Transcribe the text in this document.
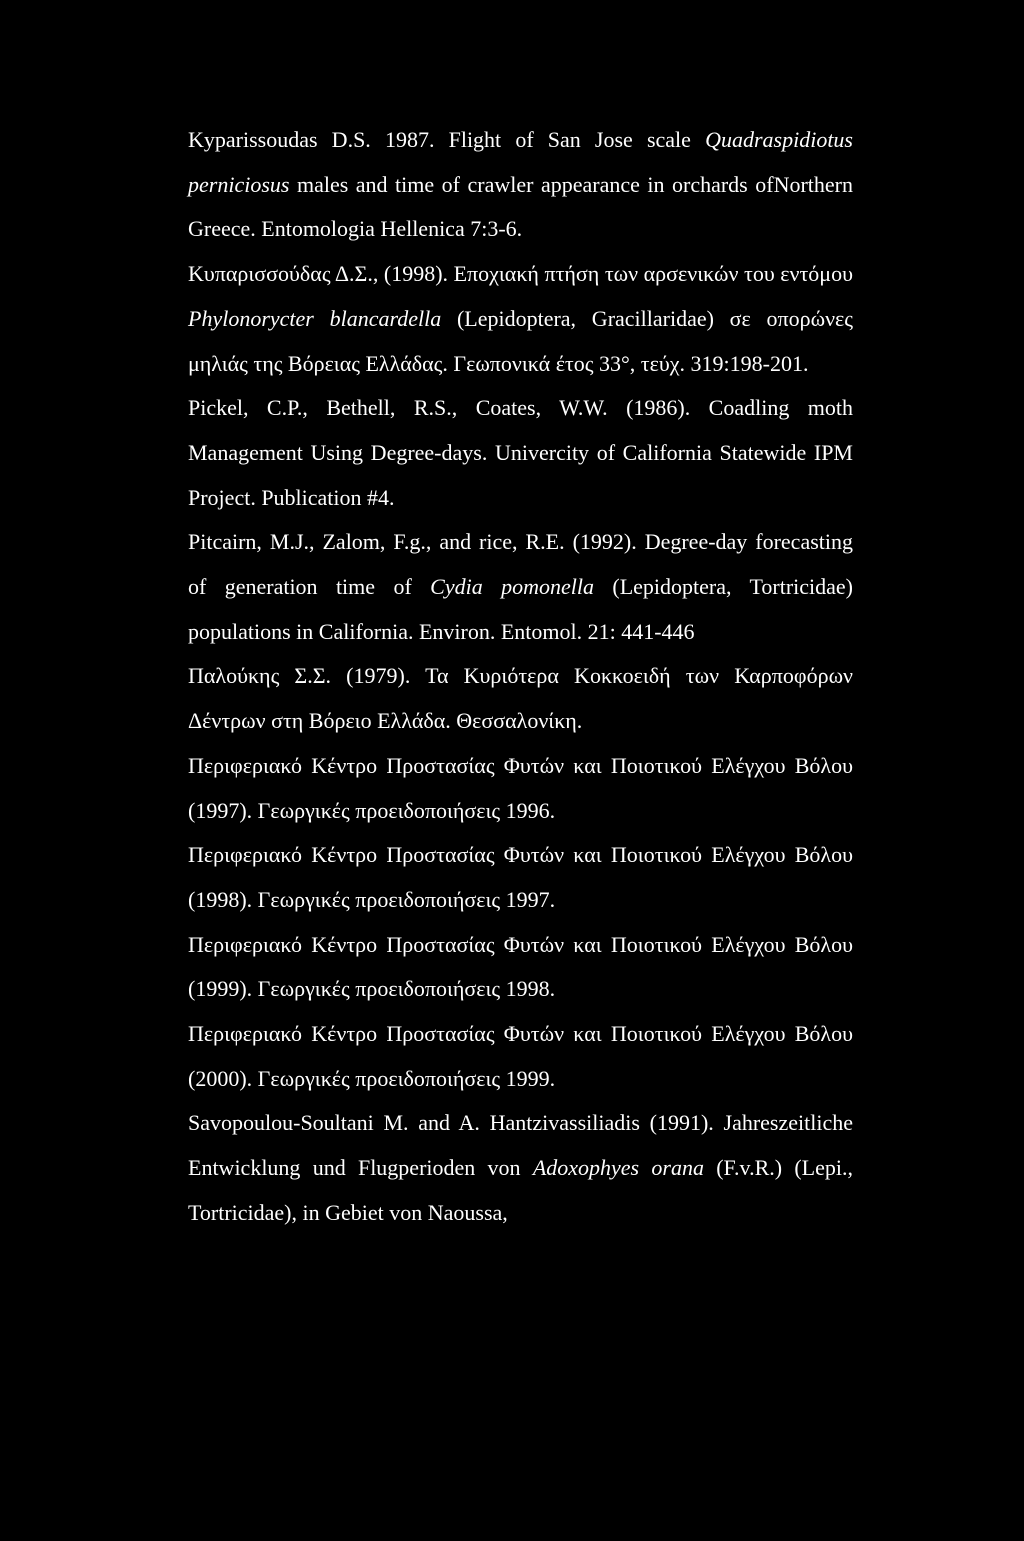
Kyparissoudas D.S. 1987. Flight of San Jose scale Quadraspidiotus perniciosus males and time of crawler appearance in orchards ofNorthern Greece. Entomologia Hellenica 7:3-6.

Κυπαρισσούδας Δ.Σ., (1998). Εποχιακή πτήση των αρσενικών του εντόμου Phylonorycter blancardella (Lepidoptera, Gracillaridae) σε οπορώνες μηλιάς της Βόρειας Ελλάδας. Γεωπονικά έτος 33°, τεύχ. 319:198-201.

Pickel, C.P., Bethell, R.S., Coates, W.W. (1986). Coadling moth Management Using Degree-days. Univercity of California Statewide IPM Project. Publication #4.

Pitcairn, M.J., Zalom, F.g., and rice, R.E. (1992). Degree-day forecasting of generation time of Cydia pomonella (Lepidoptera, Tortricidae) populations in California. Environ. Entomol. 21: 441-446

Παλούκης Σ.Σ. (1979). Τα Κυριότερα Κοκκοειδή των Καρποφόρων Δέντρων στη Βόρειο Ελλάδα. Θεσσαλονίκη.

Περιφεριακό Κέντρο Προστασίας Φυτών και Ποιοτικού Ελέγχου Βόλου (1997). Γεωργικές προειδοποιήσεις 1996.

Περιφεριακό Κέντρο Προστασίας Φυτών και Ποιοτικού Ελέγχου Βόλου (1998). Γεωργικές προειδοποιήσεις 1997.

Περιφεριακό Κέντρο Προστασίας Φυτών και Ποιοτικού Ελέγχου Βόλου (1999). Γεωργικές προειδοποιήσεις 1998.

Περιφεριακό Κέντρο Προστασίας Φυτών και Ποιοτικού Ελέγχου Βόλου (2000). Γεωργικές προειδοποιήσεις 1999.

Savopoulou-Soultani M. and A. Hantzivassiliadis (1991). Jahreszeitliche Entwicklung und Flugperioden von Adoxophyes orana (F.v.R.) (Lepi., Tortricidae), in Gebiet von Naoussa,
